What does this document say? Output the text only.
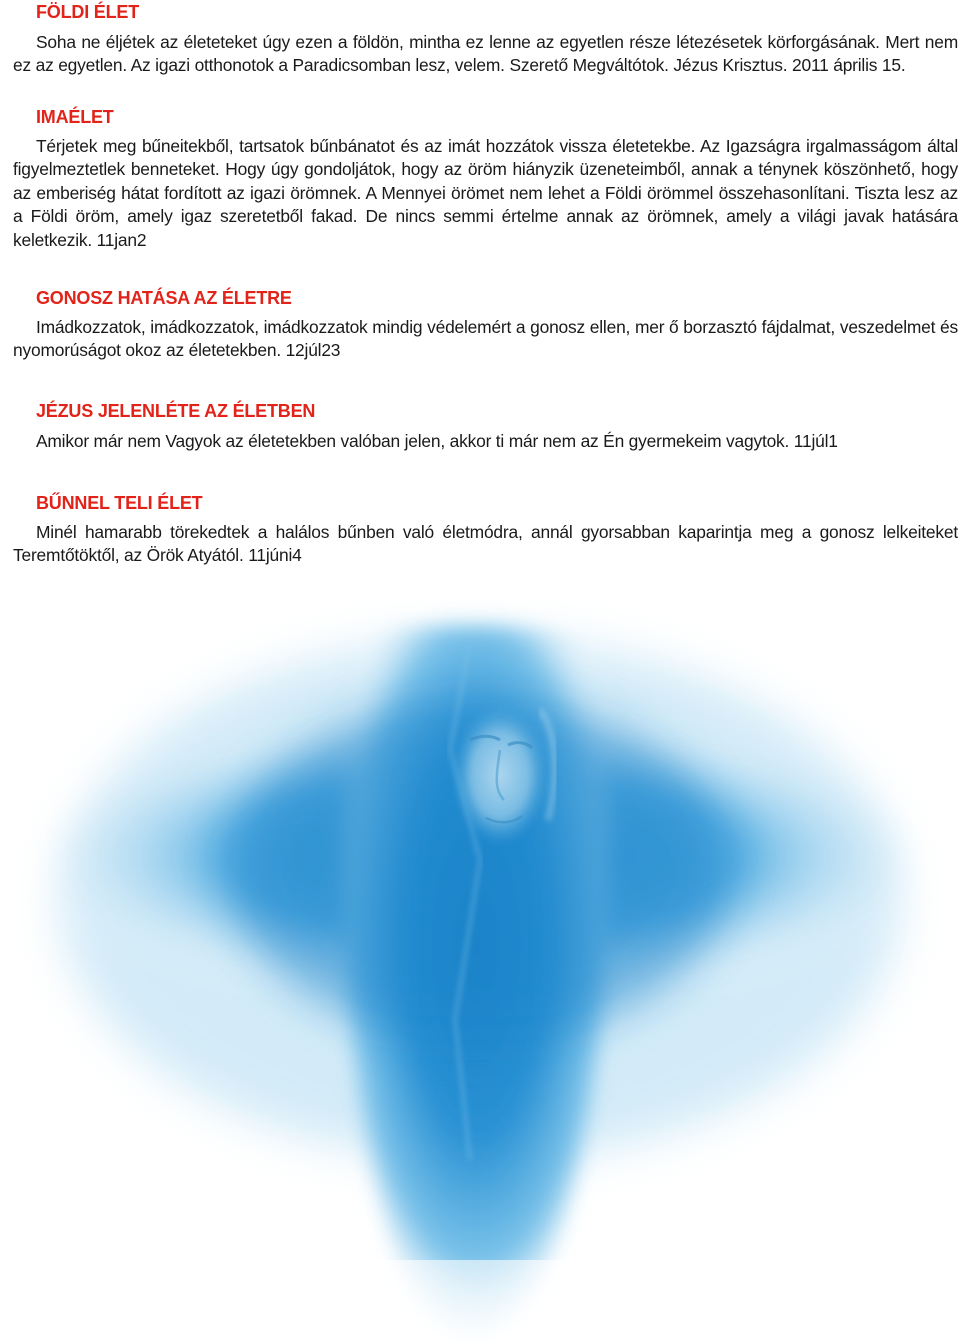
FÖLDI ÉLET

Soha ne éljétek az életeteket úgy ezen a földön, mintha ez lenne az egyetlen része létezésetek körforgásának. Mert nem ez az egyetlen. Az igazi otthonotok a Paradicsomban lesz, velem. Szerető Megváltótok. Jézus Krisztus. 2011 április 15.

IMAÉLET

Térjetek meg bűneitekből, tartsatok bűnbánatot és az imát hozzátok vissza életetekbe. Az Igazságra irgalmasságom által figyelmeztetlek benneteket. Hogy úgy gondoljátok, hogy az öröm hiányzik üzeneteimből, annak a ténynek köszönhető, hogy az emberiség hátat fordított az igazi örömnek. A Mennyei örömet nem lehet a Földi örömmel összehasonlítani. Tiszta lesz az a Földi öröm, amely igaz szeretetből fakad. De nincs semmi értelme annak az örömnek, amely a világi javak hatására keletkezik. 11jan2

GONOSZ HATÁSA AZ ÉLETRE

Imádkozzatok, imádkozzatok, imádkozzatok mindig védelemért a gonosz ellen, mer ő borzasztó fájdalmat, veszedelmet és nyomorúságot okoz az életetekben. 12júl23

JÉZUS JELENLÉTE AZ ÉLETBEN

Amikor már nem Vagyok az életetekben valóban jelen, akkor ti már nem az Én gyermekeim vagytok. 11júl1

BŰNNEL TELI ÉLET

Minél hamarabb törekedtek a halálos bűnben való életmódra, annál gyorsabban kaparintja meg a gonosz lelkeiteket Teremtőtöktől, az Örök Atyától. 11júni4
